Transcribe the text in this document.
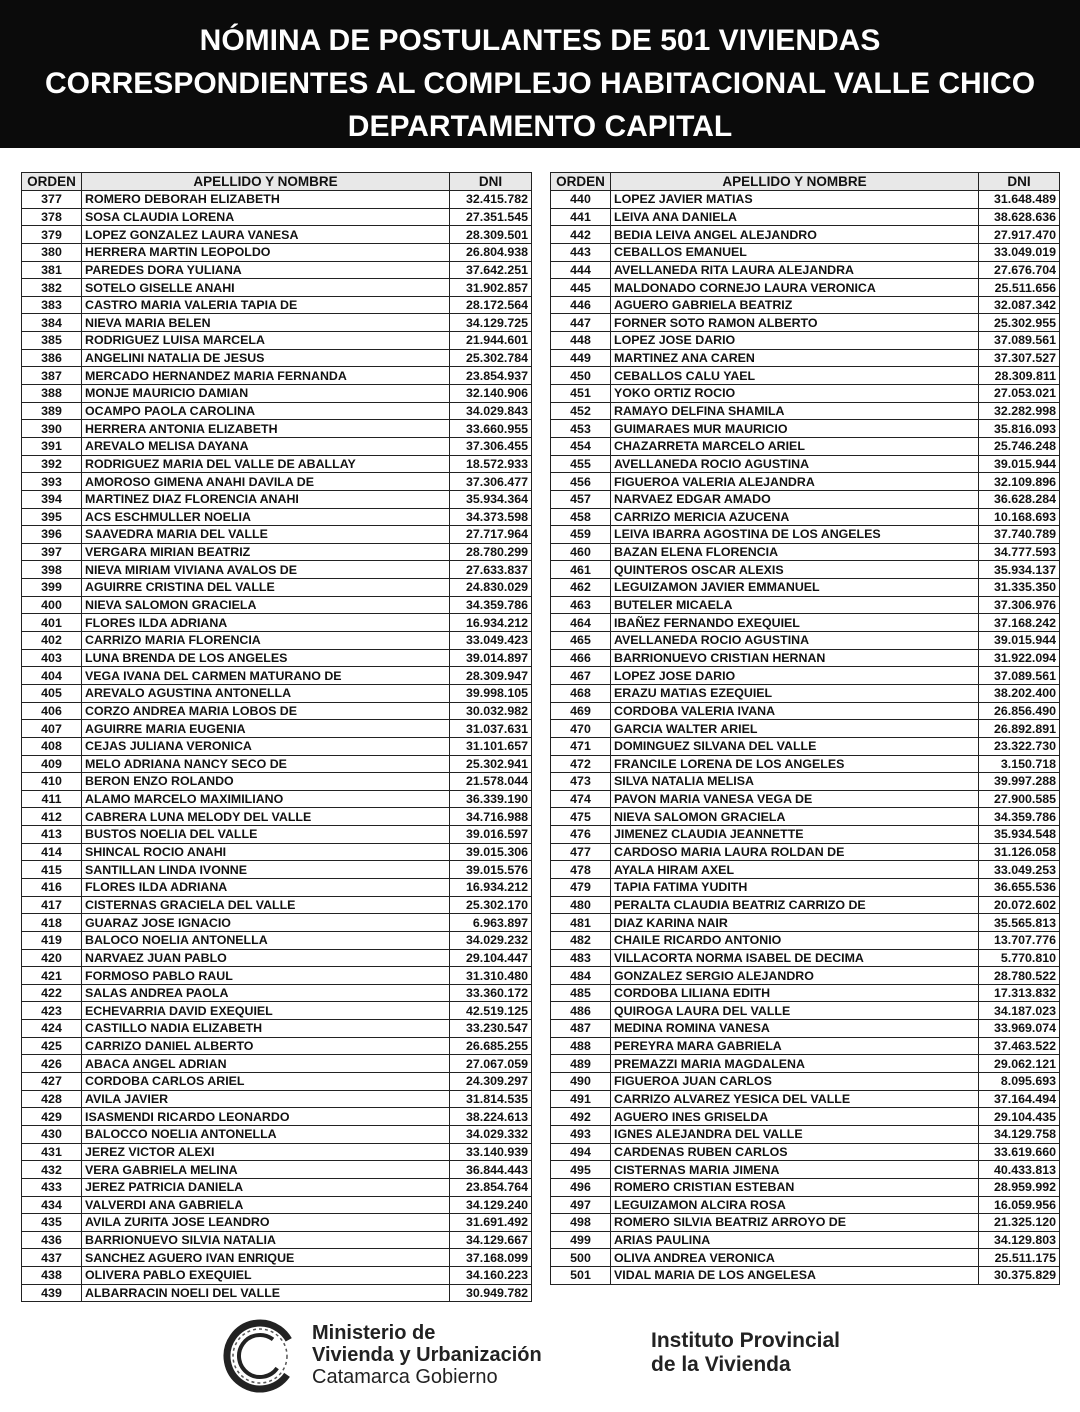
NÓMINA DE POSTULANTES DE 501 VIVIENDAS
CORRESPONDIENTES AL COMPLEJO HABITACIONAL VALLE CHICO
DEPARTAMENTO CAPITAL
ORDEN	APELLIDO Y NOMBRE	DNI
377	ROMERO DEBORAH ELIZABETH	32.415.782
378	SOSA CLAUDIA LORENA	27.351.545
379	LOPEZ GONZALEZ LAURA VANESA	28.309.501
380	HERRERA MARTIN LEOPOLDO	26.804.938
381	PAREDES DORA YULIANA	37.642.251
382	SOTELO GISELLE ANAHI	31.902.857
383	CASTRO MARIA VALERIA TAPIA DE	28.172.564
384	NIEVA MARIA BELEN	34.129.725
385	RODRIGUEZ LUISA MARCELA	21.944.601
386	ANGELINI NATALIA DE JESUS	25.302.784
387	MERCADO HERNANDEZ MARIA FERNANDA	23.854.937
388	MONJE MAURICIO DAMIAN	32.140.906
389	OCAMPO PAOLA CAROLINA	34.029.843
390	HERRERA ANTONIA ELIZABETH	33.660.955
391	AREVALO MELISA DAYANA	37.306.455
392	RODRIGUEZ MARIA DEL VALLE DE ABALLAY	18.572.933
393	AMOROSO GIMENA ANAHI DAVILA DE	37.306.477
394	MARTINEZ DIAZ FLORENCIA ANAHI	35.934.364
395	ACS ESCHMULLER NOELIA	34.373.598
396	SAAVEDRA MARIA DEL VALLE	27.717.964
397	VERGARA MIRIAN BEATRIZ	28.780.299
398	NIEVA MIRIAM VIVIANA AVALOS DE	27.633.837
399	AGUIRRE CRISTINA DEL VALLE	24.830.029
400	NIEVA SALOMON GRACIELA	34.359.786
401	FLORES ILDA ADRIANA	16.934.212
402	CARRIZO MARIA FLORENCIA	33.049.423
403	LUNA BRENDA DE LOS ANGELES	39.014.897
404	VEGA IVANA DEL CARMEN MATURANO DE	28.309.947
405	AREVALO AGUSTINA ANTONELLA	39.998.105
406	CORZO ANDREA MARIA LOBOS DE	30.032.982
407	AGUIRRE MARIA EUGENIA	31.037.631
408	CEJAS JULIANA VERONICA	31.101.657
409	MELO ADRIANA NANCY SECO DE	25.302.941
410	BERON ENZO ROLANDO	21.578.044
411	ALAMO MARCELO MAXIMILIANO	36.339.190
412	CABRERA LUNA MELODY DEL VALLE	34.716.988
413	BUSTOS NOELIA DEL VALLE	39.016.597
414	SHINCAL ROCIO ANAHI	39.015.306
415	SANTILLAN LINDA IVONNE	39.015.576
416	FLORES ILDA ADRIANA	16.934.212
417	CISTERNAS GRACIELA DEL VALLE	25.302.170
418	GUARAZ JOSE IGNACIO	6.963.897
419	BALOCO NOELIA ANTONELLA	34.029.232
420	NARVAEZ JUAN PABLO	29.104.447
421	FORMOSO PABLO RAUL	31.310.480
422	SALAS ANDREA PAOLA	33.360.172
423	ECHEVARRIA DAVID EXEQUIEL	42.519.125
424	CASTILLO NADIA ELIZABETH	33.230.547
425	CARRIZO DANIEL ALBERTO	26.685.255
426	ABACA ANGEL ADRIAN	27.067.059
427	CORDOBA CARLOS ARIEL	24.309.297
428	AVILA JAVIER	31.814.535
429	ISASMENDI RICARDO LEONARDO	38.224.613
430	BALOCCO NOELIA ANTONELLA	34.029.332
431	JEREZ VICTOR ALEXI	33.140.939
432	VERA GABRIELA MELINA	36.844.443
433	JEREZ PATRICIA DANIELA	23.854.764
434	VALVERDI ANA GABRIELA	34.129.240
435	AVILA ZURITA JOSE LEANDRO	31.691.492
436	BARRIONUEVO SILVIA NATALIA	34.129.667
437	SANCHEZ AGUERO IVAN ENRIQUE	37.168.099
438	OLIVERA PABLO EXEQUIEL	34.160.223
439	ALBARRACIN NOELI DEL VALLE	30.949.782
ORDEN	APELLIDO Y NOMBRE	DNI
440	LOPEZ JAVIER MATIAS	31.648.489
441	LEIVA ANA DANIELA	38.628.636
442	BEDIA LEIVA ANGEL ALEJANDRO	27.917.470
443	CEBALLOS EMANUEL	33.049.019
444	AVELLANEDA RITA LAURA ALEJANDRA	27.676.704
445	MALDONADO CORNEJO LAURA VERONICA	25.511.656
446	AGUERO GABRIELA BEATRIZ	32.087.342
447	FORNER SOTO RAMON ALBERTO	25.302.955
448	LOPEZ JOSE DARIO	37.089.561
449	MARTINEZ ANA CAREN	37.307.527
450	CEBALLOS CALU YAEL	28.309.811
451	YOKO ORTIZ ROCIO	27.053.021
452	RAMAYO DELFINA SHAMILA	32.282.998
453	GUIMARAES MUR MAURICIO	35.816.093
454	CHAZARRETA MARCELO ARIEL	25.746.248
455	AVELLANEDA ROCIO AGUSTINA	39.015.944
456	FIGUEROA VALERIA ALEJANDRA	32.109.896
457	NARVAEZ EDGAR AMADO	36.628.284
458	CARRIZO MERICIA AZUCENA	10.168.693
459	LEIVA IBARRA AGOSTINA DE LOS ANGELES	37.740.789
460	BAZAN ELENA FLORENCIA	34.777.593
461	QUINTEROS OSCAR ALEXIS	35.934.137
462	LEGUIZAMON JAVIER EMMANUEL	31.335.350
463	BUTELER MICAELA	37.306.976
464	IBAÑEZ FERNANDO EXEQUIEL	37.168.242
465	AVELLANEDA ROCIO AGUSTINA	39.015.944
466	BARRIONUEVO CRISTIAN HERNAN	31.922.094
467	LOPEZ JOSE DARIO	37.089.561
468	ERAZU MATIAS EZEQUIEL	38.202.400
469	CORDOBA VALERIA IVANA	26.856.490
470	GARCIA WALTER ARIEL	26.892.891
471	DOMINGUEZ SILVANA DEL VALLE	23.322.730
472	FRANCILE LORENA DE LOS ANGELES	3.150.718
473	SILVA NATALIA MELISA	39.997.288
474	PAVON MARIA VANESA VEGA DE	27.900.585
475	NIEVA SALOMON GRACIELA	34.359.786
476	JIMENEZ CLAUDIA JEANNETTE	35.934.548
477	CARDOSO MARIA LAURA ROLDAN DE	31.126.058
478	AYALA HIRAM AXEL	33.049.253
479	TAPIA FATIMA YUDITH	36.655.536
480	PERALTA CLAUDIA BEATRIZ CARRIZO DE	20.072.602
481	DIAZ KARINA NAIR	35.565.813
482	CHAILE RICARDO ANTONIO	13.707.776
483	VILLACORTA NORMA ISABEL DE DECIMA	5.770.810
484	GONZALEZ SERGIO ALEJANDRO	28.780.522
485	CORDOBA LILIANA EDITH	17.313.832
486	QUIROGA LAURA DEL VALLE	34.187.023
487	MEDINA ROMINA VANESA	33.969.074
488	PEREYRA MARA GABRIELA	37.463.522
489	PREMAZZI MARIA MAGDALENA	29.062.121
490	FIGUEROA JUAN CARLOS	8.095.693
491	CARRIZO ALVAREZ YESICA DEL VALLE	37.164.494
492	AGUERO INES GRISELDA	29.104.435
493	IGNES ALEJANDRA DEL VALLE	34.129.758
494	CARDENAS RUBEN CARLOS	33.619.660
495	CISTERNAS MARIA JIMENA	40.433.813
496	ROMERO CRISTIAN ESTEBAN	28.959.992
497	LEGUIZAMON ALCIRA ROSA	16.059.956
498	ROMERO SILVIA BEATRIZ ARROYO DE	21.325.120
499	ARIAS PAULINA	34.129.803
500	OLIVA ANDREA VERONICA	25.511.175
501	VIDAL MARIA DE LOS ANGELESA	30.375.829
Ministerio de
Vivienda y Urbanización
Catamarca Gobierno
Instituto Provincial
de la Vivienda
